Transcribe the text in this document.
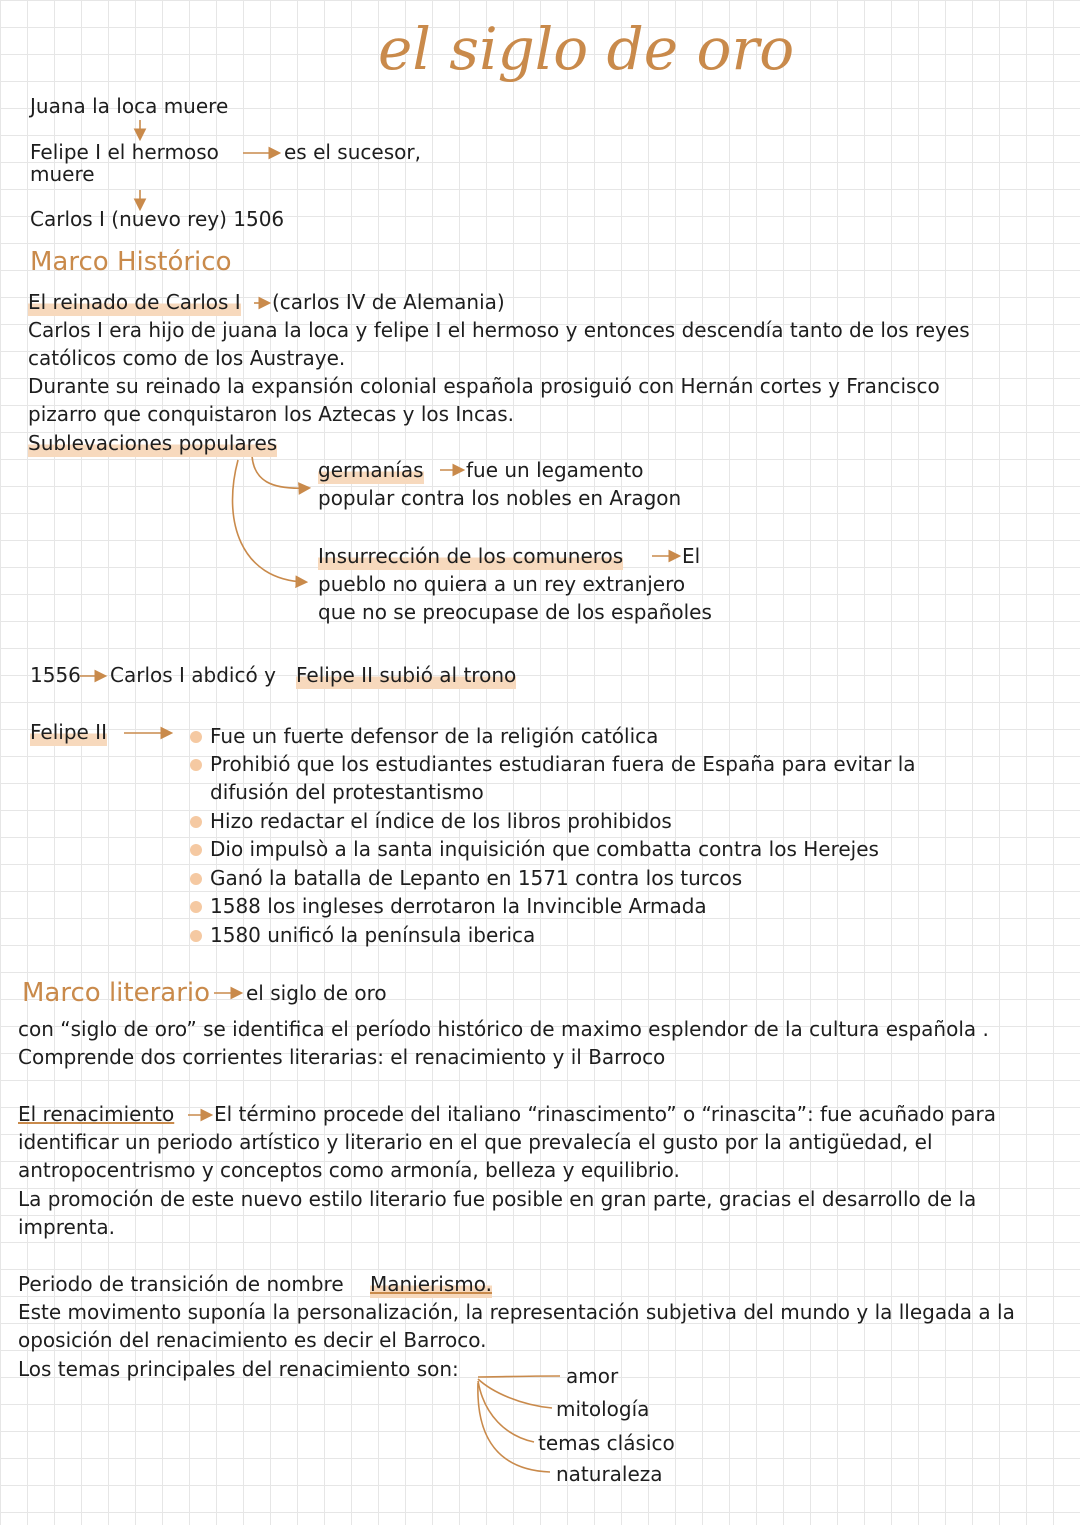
el siglo de oro
Juana la loca muere
Felipe I el hermoso	es el sucesor,
muere
Carlos I (nuevo rey) 1506
Marco Histórico
El reinado de Carlos I (carlos IV de Alemania)
Carlos I era hijo de juana la loca y felipe I el hermoso y entonces descendía tanto de los reyes
católicos como de los Austraye.
Durante su reinado la expansión colonial española prosiguió con Hernán cortes y Francisco
pizarro que conquistaron los Aztecas y los Incas.
Sublevaciones populares
germanías fue un legamento
popular contra los nobles en Aragon
Insurrección de los comuneros	El
pueblo no quiera a un rey extranjero
que no se preocupase de los españoles
1556 Carlos I abdicó y Felipe II subió al trono
Felipe II	Fue un fuerte defensor de la religión católica
Prohibió que los estudiantes estudiaran fuera de España para evitar la
difusión del protestantismo
Hizo redactar el índice de los libros prohibidos
Dio impulsò a la santa inquisición que combatta contra los Herejes
Ganó la batalla de Lepanto en 1571 contra los turcos
1588 los ingleses derrotaron la Invincible Armada
1580 unificó la península iberica
Marco literario el siglo de oro
con “siglo de oro” se identifica el período histórico de maximo esplendor de la cultura española .
Comprende dos corrientes literarias: el renacimiento y il Barroco
El renacimiento El término procede del italiano “rinascimento” o “rinascita”: fue acuñado para
identificar un periodo artístico y literario en el que prevalecía el gusto por la antigüedad, el
antropocentrismo y conceptos como armonía, belleza y equilibrio.
La promoción de este nuevo estilo literario fue posible en gran parte, gracias el desarrollo de la
imprenta.
Periodo de transición de nombre Manierismo.
Este movimento suponía la personalización, la representación subjetiva del mundo y la llegada a la
oposición del renacimiento es decir el Barroco.
Los temas principales del renacimiento son:	amor
mitología
temas clásico
naturaleza
